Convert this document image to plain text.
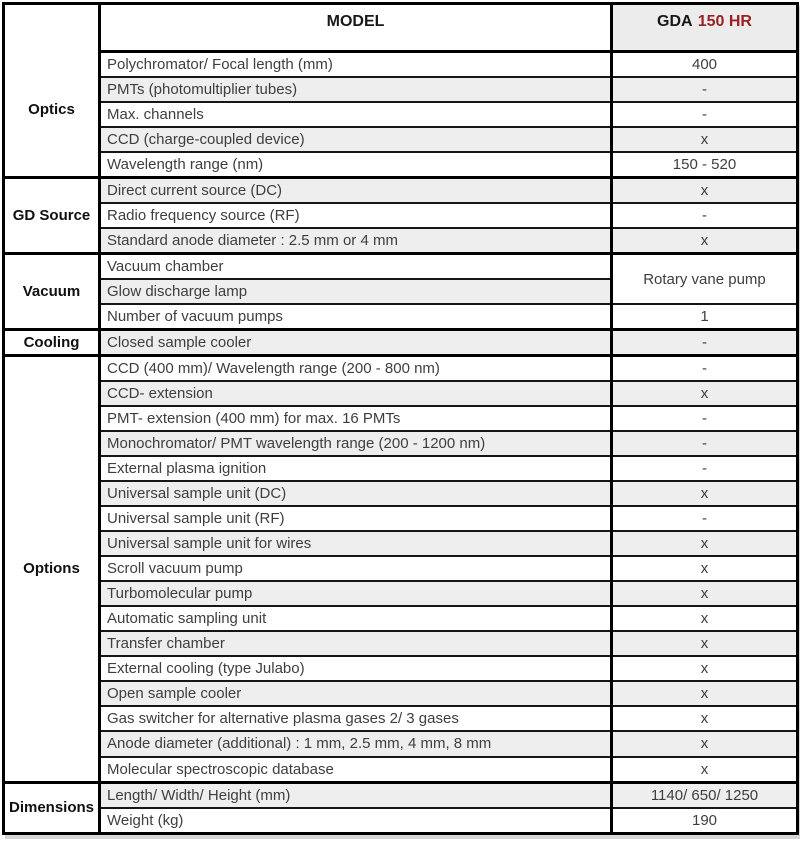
Optics	MODEL	GDA 150 HR
	Polychromator/ Focal length (mm)	400
	PMTs (photomultiplier tubes)	-
	Max. channels	-
	CCD (charge-coupled device)	x
	Wavelength range (nm)	150 - 520
GD Source	Direct current source (DC)	x
	Radio frequency source (RF)	-
	Standard anode diameter : 2.5 mm or 4 mm	x
Vacuum	Vacuum chamber	Rotary vane pump
	Glow discharge lamp	
	Number of vacuum pumps	1
Cooling	Closed sample cooler	-
Options	CCD (400 mm)/ Wavelength range (200 - 800 nm)	-
	CCD- extension	x
	PMT- extension (400 mm) for max. 16 PMTs	-
	Monochromator/ PMT wavelength range (200 - 1200 nm)	-
	External plasma ignition	-
	Universal sample unit (DC)	x
	Universal sample unit (RF)	-
	Universal sample unit for wires	x
	Scroll vacuum pump	x
	Turbomolecular pump	x
	Automatic sampling unit	x
	Transfer chamber	x
	External cooling (type Julabo)	x
	Open sample cooler	x
	Gas switcher for alternative plasma gases 2/ 3 gases	x
	Anode diameter (additional) : 1 mm, 2.5 mm, 4 mm, 8 mm	x
	Molecular spectroscopic database	x
Dimensions	Length/ Width/ Height (mm)	1140/ 650/ 1250
	Weight (kg)	190
